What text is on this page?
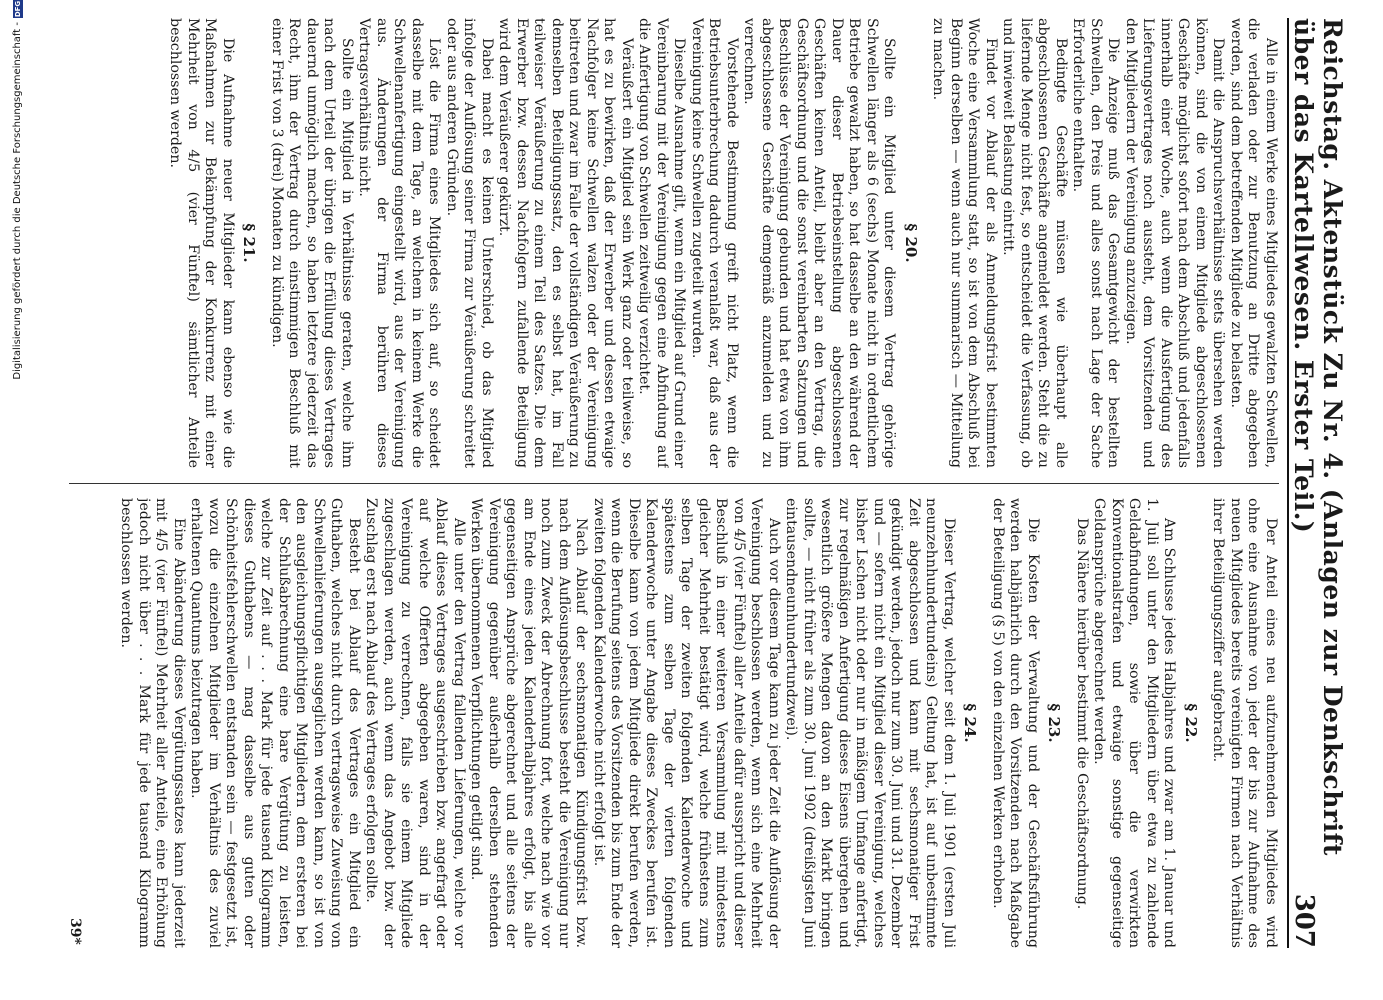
Reichstag. Aktenstück Zu Nr. 4. (Anlagen zur Denkschrift über das Kartellwesen. Erster Teil.)
307

Alle in einem Werke eines Mitgliedes gewalzten Schwellen, die verladen oder zur Benutzung an Dritte abgegeben werden, sind dem betreffenden Mitgliede zu belasten.

Damit die Anspruchsverhältnisse stets übersehen werden können, sind die von einem Mitgliede abgeschlossenen Geschäfte möglichst sofort nach dem Abschluß und jedenfalls innerhalb einer Woche, auch wenn die Ausfertigung des Lieferungsvertrages noch aussteht, dem Vorsitzenden und den Mitgliedern der Vereinigung anzuzeigen.

Die Anzeige muß das Gesamtgewicht der bestellten Schwellen, den Preis und alles sonst nach Lage der Sache Erforderliche enthalten.

Bedingte Geschäfte müssen wie überhaupt alle abgeschlossenen Geschäfte angemeldet werden. Steht die zu liefernde Menge nicht fest, so entscheidet die Verfassung, ob und inwieweit Belastung eintritt.

Findet vor Ablauf der als Anmeldungsfrist bestimmten Woche eine Versammlung statt, so ist von dem Abschluß bei Beginn derselben — wenn auch nur summarisch — Mitteilung zu machen.

§ 20.

Sollte ein Mitglied unter diesem Vertrag gehörige Schwellen länger als 6 (sechs) Monate nicht in ordentlichem Betriebe gewalzt haben, so hat dasselbe an den während der Dauer dieser Betriebseinstellung abgeschlossenen Geschäften keinen Anteil, bleibt aber an den Vertrag, die Geschäftsordnung und die sonst vereinbarten Satzungen und Beschlüsse der Vereinigung gebunden und hat etwa von ihm abgeschlossene Geschäfte demgemäß anzumelden und zu verrechnen.

Vorstehende Bestimmung greift nicht Platz, wenn die Betriebsunterbrechung dadurch veranlaßt war, daß aus der Vereinigung keine Schwellen zugeteilt wurden.

Dieselbe Ausnahme gilt, wenn ein Mitglied auf Grund einer Vereinbarung mit der Vereinigung gegen eine Abfindung auf die Anfertigung von Schwellen zeitweilig verzichtet.

Veräußert ein Mitglied sein Werk ganz oder teilweise, so hat es zu bewirken, daß der Erwerber und dessen etwaige Nachfolger keine Schwellen walzen oder der Vereinigung beitreten und zwar im Falle der vollständigen Veräußerung zu demselben Beteiligungssatz, den es selbst hat, im Fall teilweiser Veräußerung zu einem Teil des Satzes. Die dem Erwerber bzw. dessen Nachfolgern zufallende Beteiligung wird dem Veräußerer gekürzt.

Dabei macht es keinen Unterschied, ob das Mitglied infolge der Auflösung seiner Firma zur Veräußerung schreitet oder aus anderen Gründen.

Löst die Firma eines Mitgliedes sich auf, so scheidet dasselbe mit dem Tage, an welchem in keinem Werke die Schwellenanfertigung eingestellt wird, aus der Vereinigung aus. Änderungen der Firma berühren dieses Vertragsverhältnis nicht.

Sollte ein Mitglied in Verhältnisse geraten, welche ihm nach dem Urteil der übrigen die Erfüllung dieses Vertrages dauernd unmöglich machen, so haben letztere jederzeit das Recht, ihm der Vertrag durch einstimmigen Beschluß mit einer Frist von 3 (drei) Monaten zu kündigen.

§ 21.

Die Aufnahme neuer Mitglieder kann ebenso wie die Maßnahmen zur Bekämpfung der Konkurrenz mit einer Mehrheit von 4/5 (vier Fünftel) sämtlicher Anteile beschlossen werden.

Der Anteil eines neu aufzunehmenden Mitgliedes wird ohne eine Ausnahme von jeder der bis zur Aufnahme des neuen Mitgliedes bereits vereinigten Firmen nach Verhältnis ihrer Beteiligungsziffer aufgebracht.

§ 22.

Am Schlusse jedes Halbjahres und zwar am 1. Januar und 1. Juli soll unter den Mitgliedern über etwa zu zahlende Geldabfindungen, sowie über die verwirkten Konventionalstrafen und etwaige sonstige gegenseitige Geldansprüche abgerechnet werden.

Das Nähere hierüber bestimmt die Geschäftsordnung.

§ 23.

Die Kosten der Verwaltung und der Geschäftsführung werden halbjährlich durch den Vorsitzenden nach Maßgabe der Beteiligung (§ 5) von den einzelnen Werken erhoben.

§ 24.

Dieser Vertrag, welcher seit dem 1. Juli 1901 (ersten Juli neunzehnhundertundeins) Geltung hat, ist auf unbestimmte Zeit abgeschlossen und kann mit sechsmonatiger Frist gekündigt werden, jedoch nur zum 30. Juni und 31. Dezember und — sofern nicht ein Mitglied dieser Vereinigung, welches bisher Lschen nicht oder nur in mäßigem Umfange anfertigt, zur regelmäßigen Anfertigung dieses Eisens übergehen und wesentlich größere Mengen davon an den Markt bringen sollte, — nicht früher als zum 30. Juni 1902 (dreißigsten Juni eintausendneunhundertundzwei).

Auch vor diesem Tage kann zu jeder Zeit die Auflösung der Vereinigung beschlossen werden, wenn sich eine Mehrheit von 4/5 (vier Fünftel) aller Anteile dafür ausspricht und dieser Beschluß in einer weiteren Versammlung mit mindestens gleicher Mehrheit bestätigt wird, welche frühestens zum selben Tage der zweiten folgenden Kalenderwoche und spätestens zum selben Tage der vierten folgenden Kalenderwoche unter Angabe dieses Zweckes berufen ist. Dieselbe kann von jedem Mitgliede direkt berufen werden, wenn die Berufung seitens des Vorsitzenden bis zum Ende der zweiten folgenden Kalenderwoche nicht erfolgt ist.

Nach Ablauf der sechsmonatigen Kündigungsfrist bzw. nach dem Auflösungsbeschlusse besteht die Vereinigung nur noch zum Zweck der Abrechnung fort, welche nach wie vor am Ende eines jeden Kalenderhalbjahres erfolgt, bis alle gegenseitigen Ansprüche abgerechnet und alle seitens der Vereinigung gegenüber außerhalb derselben stehenden Werken übernommenen Verpflichtungen getilgt sind.

Alle unter den Vertrag fallenden Lieferungen, welche vor Ablauf dieses Vertrages ausgeschrieben bzw. angefragt oder auf welche Offerten abgegeben waren, sind in der Vereinigung zu verrechnen, falls sie einem Mitgliede zugeschlagen werden, auch wenn das Angebot bzw. der Zuschlag erst nach Ablauf des Vertrages erfolgen sollte.

Besteht bei Ablauf des Vertrages ein Mitglied ein Guthaben, welches nicht durch vertragsweise Zuweisung von Schwellenlieferungen ausgeglichen werden kann, so ist von den ausgleichungspflichtigen Mitgliedern dem ersteren bei der Schlußabrechnung eine bare Vergütung zu leisten, welche zur Zeit auf . . . Mark für jede tausend Kilogramm dieses Guthabens — mag dasselbe aus guten oder Schönheitsfehlerschwellen entstanden sein — festgesetzt ist, wozu die einzelnen Mitglieder im Verhältnis des zuviel erhaltenen Quantums beizutragen haben.

Eine Abänderung dieses Vergütungssatzes kann jederzeit mit 4/5 (vier Fünftel) Mehrheit aller Anteile, eine Erhöhung jedoch nicht über . . . Mark für jede tausend Kilogramm beschlossen werden.

39*
Digitalisierung gefördert durch die Deutsche Forschungsgemeinschaft -
DFG
